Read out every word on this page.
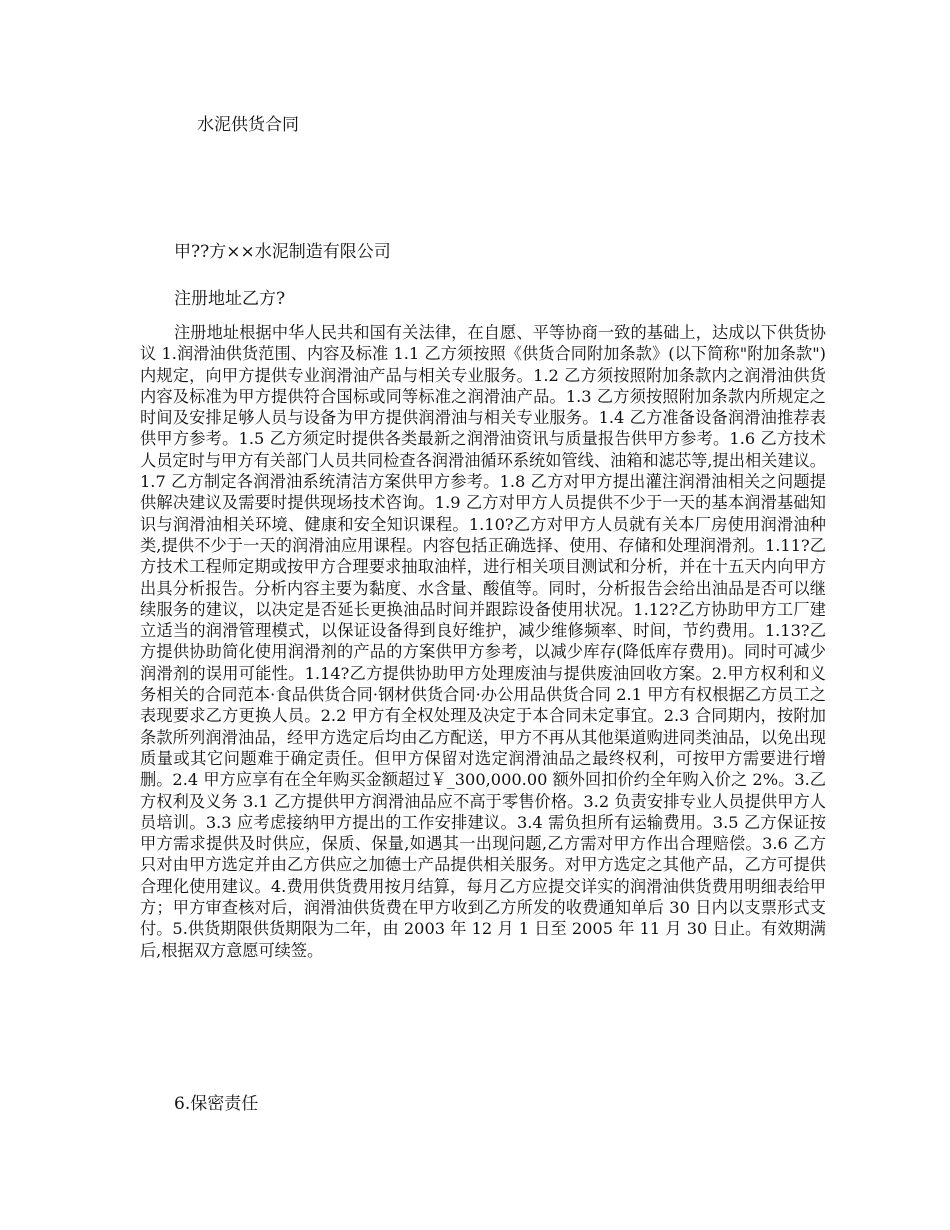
水泥供货合同

甲??方××水泥制造有限公司

注册地址乙方?

注册地址根据中华人民共和国有关法律，在自愿、平等协商一致的基础上，达成以下供货协议 1.润滑油供货范围、内容及标准 1.1 乙方须按照《供货合同附加条款》(以下简称"附加条款")内规定，向甲方提供专业润滑油产品与相关专业服务。1.2 乙方须按照附加条款内之润滑油供货内容及标准为甲方提供符合国标或同等标准之润滑油产品。1.3 乙方须按照附加条款内所规定之时间及安排足够人员与设备为甲方提供润滑油与相关专业服务。1.4 乙方准备设备润滑油推荐表供甲方参考。1.5 乙方须定时提供各类最新之润滑油资讯与质量报告供甲方参考。1.6 乙方技术人员定时与甲方有关部门人员共同检查各润滑油循环系统如管线、油箱和滤芯等,提出相关建议。1.7 乙方制定各润滑油系统清洁方案供甲方参考。1.8 乙方对甲方提出灌注润滑油相关之问题提供解决建议及需要时提供现场技术咨询。1.9 乙方对甲方人员提供不少于一天的基本润滑基础知识与润滑油相关环境、健康和安全知识课程。1.10?乙方对甲方人员就有关本厂房使用润滑油种类,提供不少于一天的润滑油应用课程。内容包括正确选择、使用、存储和处理润滑剂。1.11?乙方技术工程师定期或按甲方合理要求抽取油样，进行相关项目测试和分析，并在十五天内向甲方出具分析报告。分析内容主要为黏度、水含量、酸值等。同时，分析报告会给出油品是否可以继续服务的建议，以决定是否延长更换油品时间并跟踪设备使用状况。1.12?乙方协助甲方工厂建立适当的润滑管理模式，以保证设备得到良好维护，减少维修频率、时间，节约费用。1.13?乙方提供协助简化使用润滑剂的产品的方案供甲方参考，以减少库存(降低库存费用)。同时可减少润滑剂的误用可能性。1.14?乙方提供协助甲方处理废油与提供废油回收方案。2.甲方权利和义务相关的合同范本·食品供货合同·钢材供货合同·办公用品供货合同 2.1 甲方有权根据乙方员工之表现要求乙方更换人员。2.2 甲方有全权处理及决定于本合同未定事宜。2.3 合同期内，按附加条款所列润滑油品，经甲方选定后均由乙方配送，甲方不再从其他渠道购进同类油品，以免出现质量或其它问题难于确定责任。但甲方保留对选定润滑油品之最终权利，可按甲方需要进行增删。2.4 甲方应享有在全年购买金额超过￥_300,000.00 额外回扣价约全年购入价之 2%。3.乙方权利及义务 3.1 乙方提供甲方润滑油品应不高于零售价格。3.2 负责安排专业人员提供甲方人员培训。3.3 应考虑接纳甲方提出的工作安排建议。3.4 需负担所有运输费用。3.5 乙方保证按甲方需求提供及时供应，保质、保量,如遇其一出现问题,乙方需对甲方作出合理赔偿。3.6 乙方只对由甲方选定并由乙方供应之加德士产品提供相关服务。对甲方选定之其他产品，乙方可提供合理化使用建议。4.费用供货费用按月结算，每月乙方应提交详实的润滑油供货费用明细表给甲方；甲方审查核对后，润滑油供货费在甲方收到乙方所发的收费通知单后 30 日内以支票形式支付。5.供货期限供货期限为二年，由 2003 年 12 月 1 日至 2005 年 11 月 30 日止。有效期满后,根据双方意愿可续签。

6.保密责任
